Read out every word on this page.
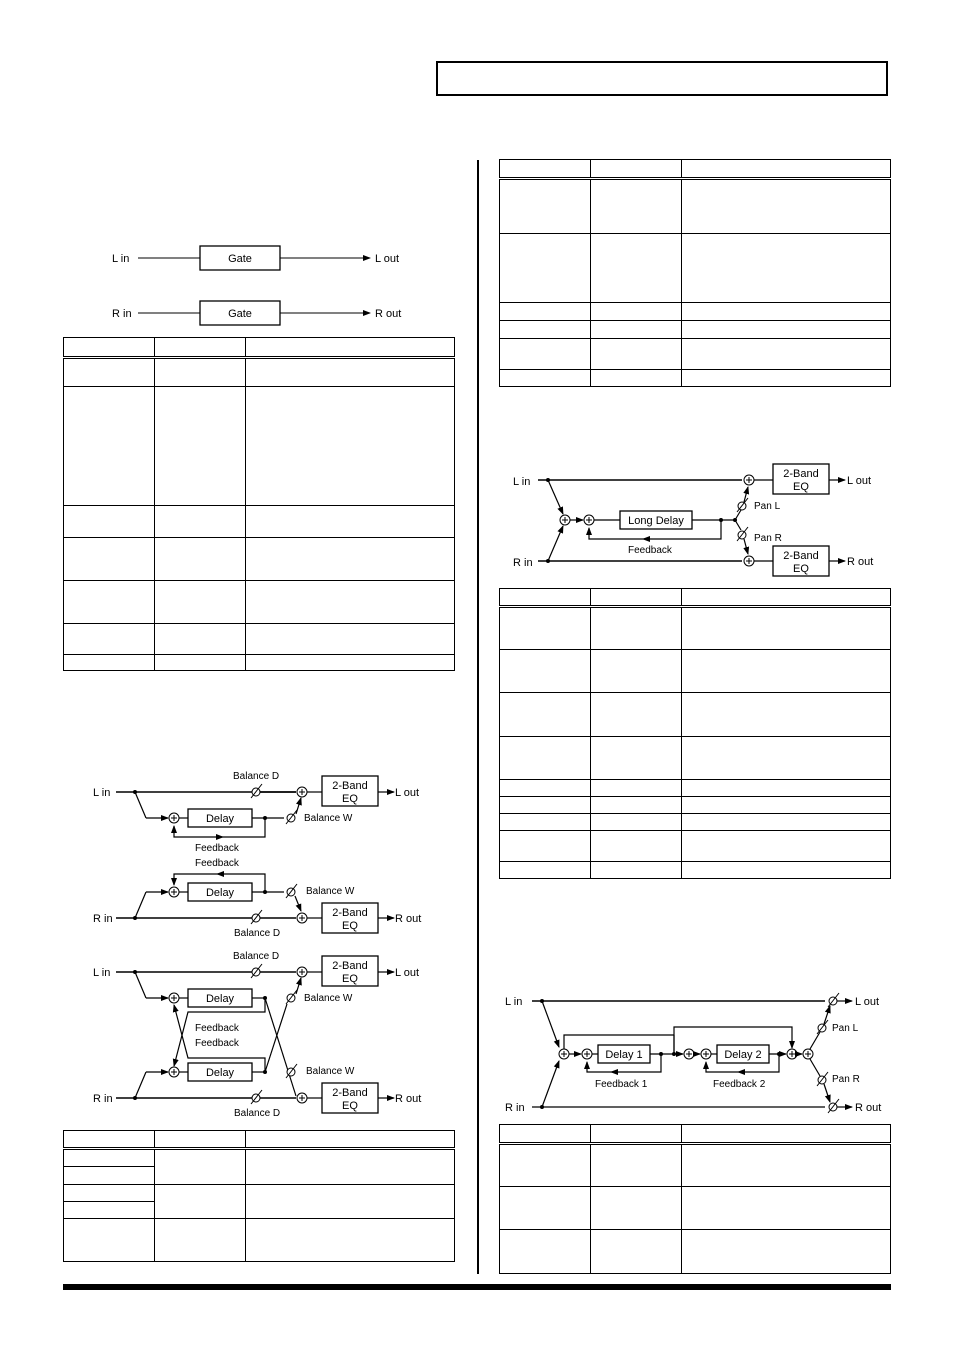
L in	Gate	L out
R in	Gate	R out

L in
Delay
Feedback
Balance D
Balance W
2-Band
EQ	L out
Feedback
Delay	Balance W
R in
Balance D
2-Band
EQ
R out
L in
Delay
Feedback
Feedback
Balance D
Balance W
2-Band
EQ	L out
Delay	Balance W
R in
Balance D
2-Band
EQ
R out

L in
R in
Long Delay
Feedback
Pan L
Pan R
2-Band
EQ	L out
2-Band
EQ
R out

L in
R in
Delay 1
Feedback 1
Delay 2
Feedback 2
Pan L
Pan R
L out
R out
